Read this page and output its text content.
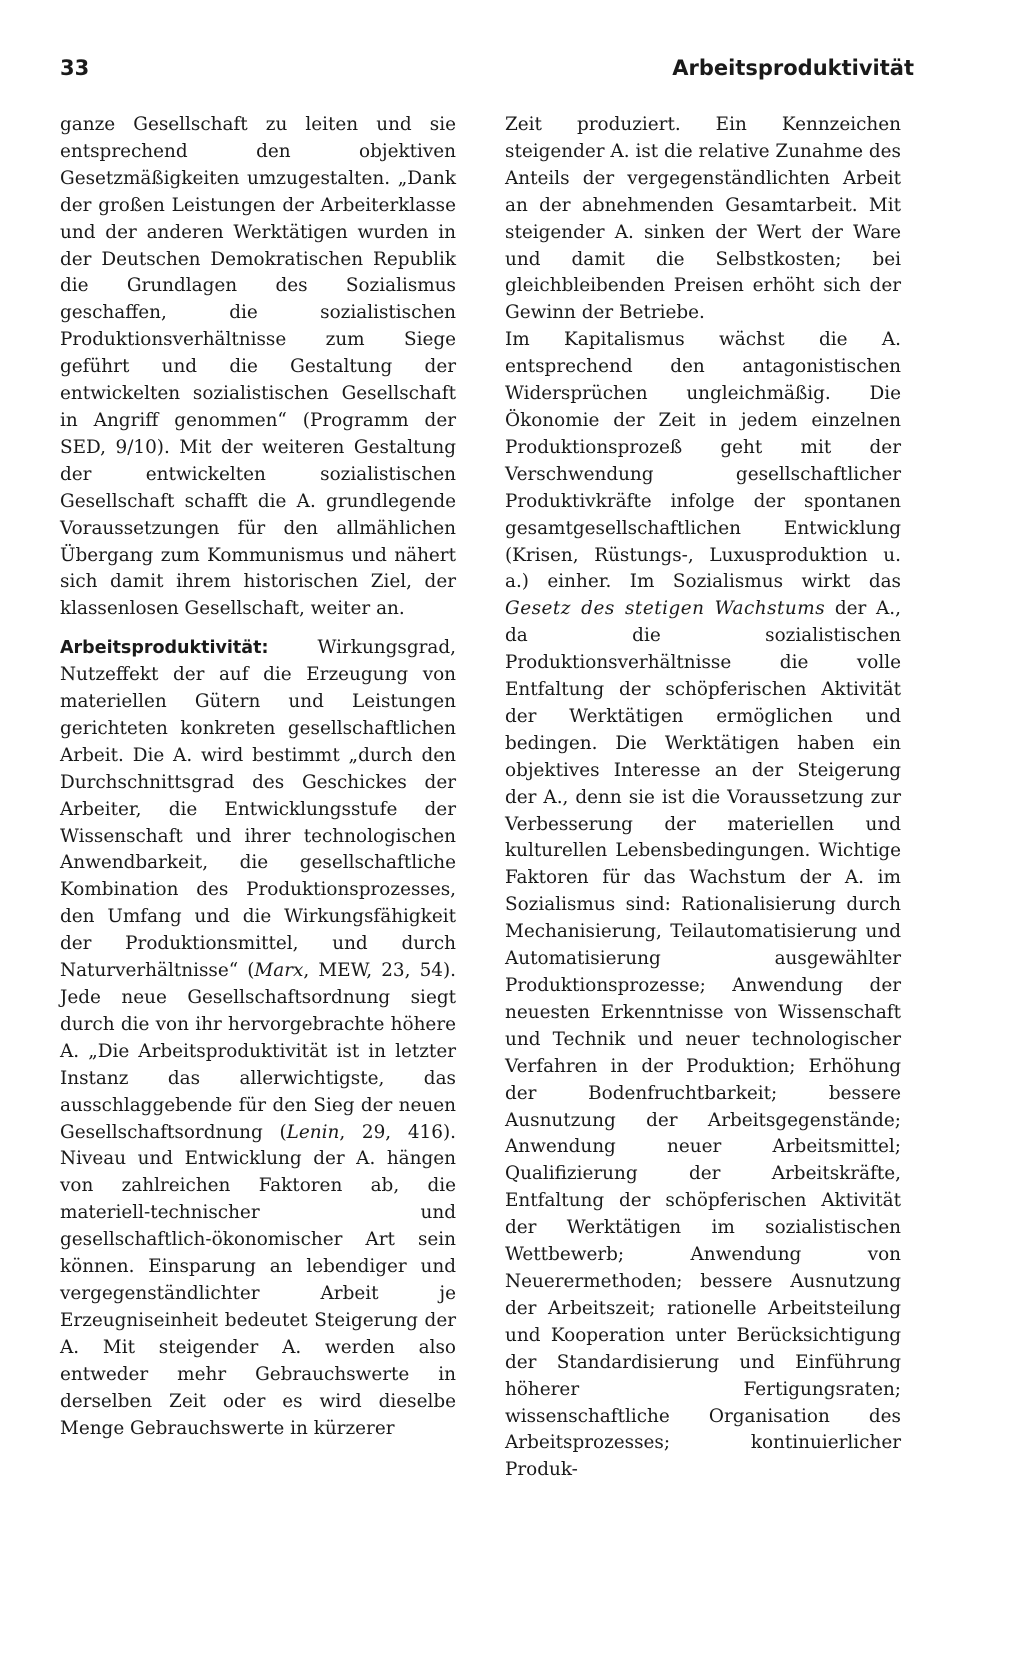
33	Arbeitsproduktivität

ganze Gesellschaft zu leiten und sie entsprechend den objektiven Gesetzmäßigkeiten umzugestalten. „Dank der großen Leistungen der Arbeiterklasse und der anderen Werktätigen wurden in der Deutschen Demokratischen Republik die Grundlagen des Sozialismus geschaffen, die sozialistischen Produktionsverhältnisse zum Siege geführt und die Gestaltung der entwickelten sozialistischen Gesellschaft in Angriff genommen“ (Programm der SED, 9/10). Mit der weiteren Gestaltung der entwickelten sozialistischen Gesellschaft schafft die A. grundlegende Voraussetzungen für den allmählichen Übergang zum Kommunismus und nähert sich damit ihrem historischen Ziel, der klassenlosen Gesellschaft, weiter an.

Arbeitsproduktivität: Wirkungsgrad, Nutzeffekt der auf die Erzeugung von materiellen Gütern und Leistungen gerichteten konkreten gesellschaftlichen Arbeit. Die A. wird bestimmt „durch den Durchschnittsgrad des Geschickes der Arbeiter, die Entwicklungsstufe der Wissenschaft und ihrer technologischen Anwendbarkeit, die gesellschaftliche Kombination des Produktionsprozesses, den Umfang und die Wirkungsfähigkeit der Produktionsmittel, und durch Naturverhältnisse“ (Marx, MEW, 23, 54). Jede neue Gesellschaftsordnung siegt durch die von ihr hervorgebrachte höhere A. „Die Arbeitsproduktivität ist in letzter Instanz das allerwichtigste, das ausschlaggebende für den Sieg der neuen Gesellschaftsordnung (Lenin, 29, 416). Niveau und Entwicklung der A. hängen von zahlreichen Faktoren ab, die materiell-technischer und gesellschaftlich-ökonomischer Art sein können. Einsparung an lebendiger und vergegenständlichter Arbeit je Erzeugniseinheit bedeutet Steigerung der A. Mit steigender A. werden also entweder mehr Gebrauchswerte in derselben Zeit oder es wird dieselbe Menge Gebrauchswerte in kürzerer

Zeit produziert. Ein Kennzeichen steigender A. ist die relative Zunahme des Anteils der vergegenständlichten Arbeit an der abnehmenden Gesamtarbeit. Mit steigender A. sinken der Wert der Ware und damit die Selbstkosten; bei gleichbleibenden Preisen erhöht sich der Gewinn der Betriebe.

Im Kapitalismus wächst die A. entsprechend den antagonistischen Widersprüchen ungleichmäßig. Die Ökonomie der Zeit in jedem einzelnen Produktionsprozeß geht mit der Verschwendung gesellschaftlicher Produktivkräfte infolge der spontanen gesamtgesellschaftlichen Entwicklung (Krisen, Rüstungs-, Luxusproduktion u. a.) einher. Im Sozialismus wirkt das Gesetz des stetigen Wachstums der A., da die sozialistischen Produktionsverhältnisse die volle Entfaltung der schöpferischen Aktivität der Werktätigen ermöglichen und bedingen. Die Werktätigen haben ein objektives Interesse an der Steigerung der A., denn sie ist die Voraussetzung zur Verbesserung der materiellen und kulturellen Lebensbedingungen. Wichtige Faktoren für das Wachstum der A. im Sozialismus sind: Rationalisierung durch Mechanisierung, Teilautomatisierung und Automatisierung ausgewählter Produktionsprozesse; Anwendung der neuesten Erkenntnisse von Wissenschaft und Technik und neuer technologischer Verfahren in der Produktion; Erhöhung der Bodenfruchtbarkeit; bessere Ausnutzung der Arbeitsgegenstände; Anwendung neuer Arbeitsmittel; Qualifizierung der Arbeitskräfte, Entfaltung der schöpferischen Aktivität der Werktätigen im sozialistischen Wettbewerb; Anwendung von Neuerermethoden; bessere Ausnutzung der Arbeitszeit; rationelle Arbeitsteilung und Kooperation unter Berücksichtigung der Standardisierung und Einführung höherer Fertigungsraten; wissenschaftliche Organisation des Arbeitsprozesses; kontinuierlicher Produk-
